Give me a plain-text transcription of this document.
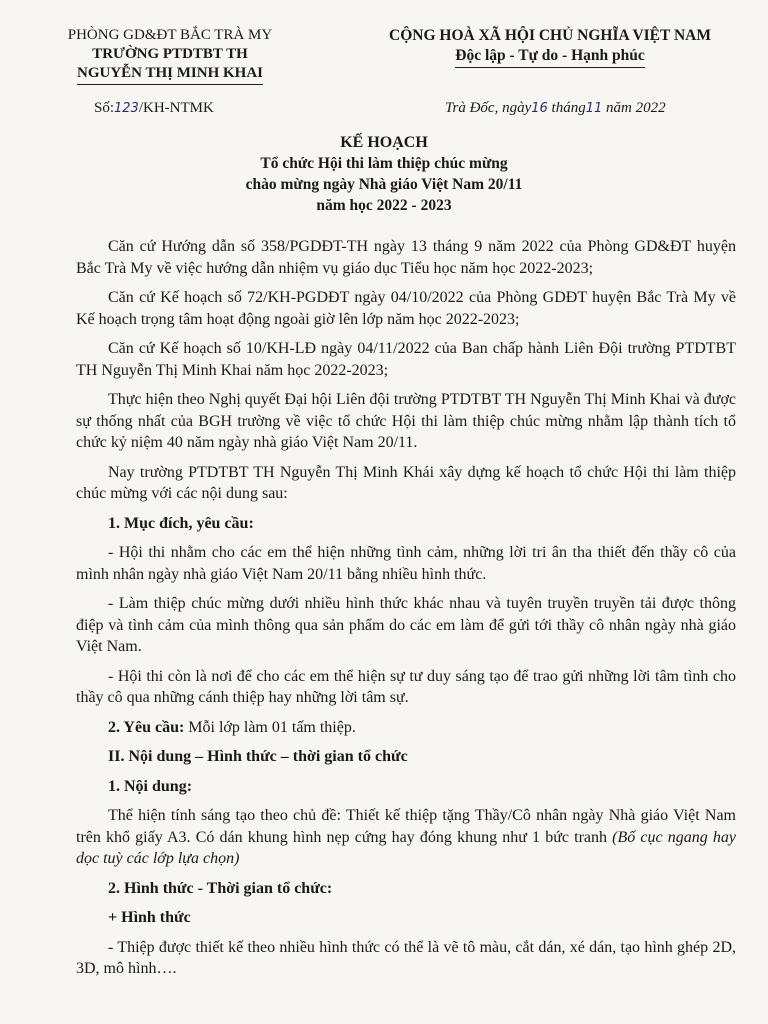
PHÒNG GD&ĐT BẮC TRÀ MY
TRƯỜNG PTDTBT TH
NGUYỄN THỊ MINH KHAI
CỘNG HOÀ XÃ HỘI CHỦ NGHĨA VIỆT NAM
Độc lập - Tự do - Hạnh phúc
Số:123/KH-NTMK	Trà Đốc, ngày16 tháng11 năm 2022
KẾ HOẠCH
Tổ chức Hội thi làm thiệp chúc mừng
chào mừng ngày Nhà giáo Việt Nam 20/11
năm học 2022 - 2023

Căn cứ Hướng dẫn số 358/PGDĐT-TH ngày 13 tháng 9 năm 2022 của Phòng GD&ĐT huyện Bắc Trà My về việc hướng dẫn nhiệm vụ giáo dục Tiểu học năm học 2022-2023;

Căn cứ Kế hoạch số 72/KH-PGDĐT ngày 04/10/2022 của Phòng GDĐT huyện Bắc Trà My về Kế hoạch trọng tâm hoạt động ngoài giờ lên lớp năm học 2022-2023;

Căn cứ Kế hoạch số 10/KH-LĐ ngày 04/11/2022 của Ban chấp hành Liên Đội trường PTDTBT TH Nguyễn Thị Minh Khai năm học 2022-2023;

Thực hiện theo Nghị quyết Đại hội Liên đội trường PTDTBT TH Nguyễn Thị Minh Khai và được sự thống nhất của BGH trường về việc tổ chức Hội thi làm thiệp chúc mừng nhằm lập thành tích tổ chức kỷ niệm 40 năm ngày nhà giáo Việt Nam 20/11.

Nay trường PTDTBT TH Nguyễn Thị Minh Khái xây dựng kế hoạch tổ chức Hội thi làm thiệp chúc mừng với các nội dung sau:

1. Mục đích, yêu cầu:

- Hội thi nhằm cho các em thể hiện những tình cảm, những lời tri ân tha thiết đến thầy cô của mình nhân ngày nhà giáo Việt Nam 20/11 bằng nhiều hình thức.

- Làm thiệp chúc mừng dưới nhiều hình thức khác nhau và tuyên truyền truyền tải được thông điệp và tình cảm của mình thông qua sản phẩm do các em làm để gửi tới thầy cô nhân ngày nhà giáo Việt Nam.

- Hội thi còn là nơi để cho các em thể hiện sự tư duy sáng tạo để trao gửi những lời tâm tình cho thầy cô qua những cánh thiệp hay những lời tâm sự.

2. Yêu cầu: Mỗi lớp làm 01 tấm thiệp.

II. Nội dung – Hình thức – thời gian tổ chức

1. Nội dung:

Thể hiện tính sáng tạo theo chủ đề: Thiết kế thiệp tặng Thầy/Cô nhân ngày Nhà giáo Việt Nam trên khổ giấy A3. Có dán khung hình nẹp cứng hay đóng khung như 1 bức tranh (Bố cục ngang hay dọc tuỳ các lớp lựa chọn)

2. Hình thức - Thời gian tổ chức:

+ Hình thức

- Thiệp được thiết kế theo nhiều hình thức có thể là vẽ tô màu, cắt dán, xé dán, tạo hình ghép 2D, 3D, mô hình….
